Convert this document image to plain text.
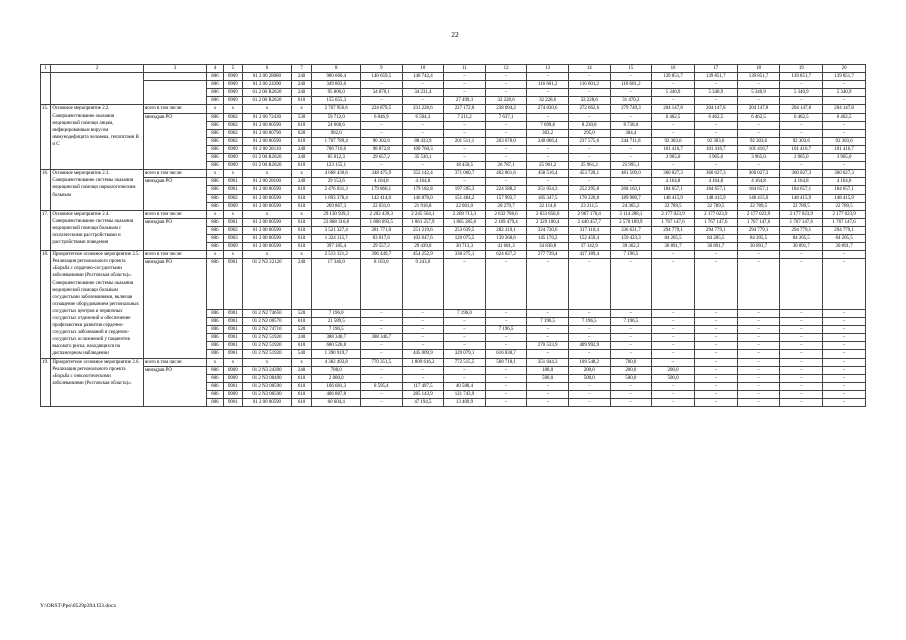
22
1	2	3	4	5	6	7	8	9	10	11	12	13	14	15	16	17	18	19	20
			806	0909	01 2 00 28080	240	980 660,4	140 659,5	140 742,4	–	–	–	–	–	139 851,7	139 851,7	139 851,7	139 851,7	139 851,7
			806	0909	01 2 00 24390	240	349 803,6	–	–	–	–	116 601,2	116 601,2	116 601,2	–	–	–	–	–
			806	0909	01 2 00 R2020	240	95 806,0	34 870,1	34 231,4	–	–	–	–	–	5 340,9	5 340,9	5 340,9	5 340,9	5 340,9
			806	0909	01 2 00 R2020	610	155 655,3	–	–	27 499,3	32 228,6	32 228,6	32 228,6	31 470,2	–	–	–	–	–
15.	Основное мероприятие 2.2. Совершенствование оказания медицинской помощи лицам, инфицированным вирусом иммунодефицита человека, гепатитами B и C	всего в том числе:	x	x	x	x	2 767 956,6	224 879,5	231 228,6	227 172,8	238 094,2	274 030,6	272 662,6	279 749,3	204 147,8	204 147,8	204 147,8	204 147,8	204 147,8
		минздрав РО	806	0902	01 2 00 72430	530	59 712,0	6 046,9	6 504,3	7 211,2	7 637,1	–	–	–	6 462,5	6 462,5	6 462,5	6 462,5	6 462,5
			806	0902	01 2 00 00590	610	24 668,6	–	–	–	–	7 699,8	8 230,8	8 738,0	–	–	–	–	–
			806	0902	01 2 00 00790	620	902,6	–	–	–	–	303,2	295,0	304,4	–	–	–	–	–
			806	0902	01 2 00 00590	610	1 767 789,4	90 302,6	88 433,9	201 511,1	203 670,0	240 066,4	237 575,6	244 711,8	92 303,6	92 303,6	92 303,6	92 303,6	92 303,6
			806	0909	01 2 00 28110	240	706 716,6	98 872,8	100 760,3	–	–	–	–	–	101 416,7	101 416,7	101 416,7	101 416,7	101 416,7
			806	0909	01 2 00 R2020	240	85 012,3	29 657,2	35 530,1	–	–	–	–	–	3 965,0	3 965,0	3 965,0	3 965,0	3 965,0
			806	0909	01 2 00 R2020	610	123 155,1	–	–	18 450,5	26 787,1	25 961,2	25 961,2	25 995,1	–	–	–	–	–
16.	Основное мероприятие 2.3. Совершенствование системы оказания медицинской помощи наркологическим больным	всего в том числе:	x	x	x	x	4 668 430,6	348 475,9	352 142,4	371 060,7	402 861,6	458 516,4	453 728,1	481 509,0	360 027,3	360 027,3	360 027,3	360 027,3	360 027,3
		минздрав РО	806	0901	01 2 00 28100	240	29 153,6	4 164,8	4 164,8	–	–	–	–	–	4 164,8	4 164,8	4 164,8	4 164,8	4 164,8
			806	0901	01 2 00 00590	610	2 476 031,3	179 866,1	179 182,8	197 595,3	224 588,2	251 054,3	252 295,8	268 163,1	184 657,1	184 657,1	184 657,1	184 657,1	184 657,1
			806	0902	01 2 00 00590	610	1 893 378,4	142 414,0	146 878,0	151 464,2	157 993,7	185 347,5	178 220,8	189 980,7	148 415,9	148 415,9	148 415,9	148 415,9	148 415,9
			806	0909	01 2 00 00590	610	269 867,3	22 031,0	21 916,8	22 001,0	20 279,7	22 114,6	23 211,5	24 365,2	22 789,5	22 789,5	22 789,5	22 789,5	22 789,5
17.	Основное мероприятие 2.4. Совершенствование системы оказания медицинской помощи больным с психическими расстройствами и расстройствами поведения	всего в том числе:	x	x	x	x	29 130 939,3	2 202 439,3	2 245 564,1	2 269 713,3	2 632 786,6	2 833 858,0	2 967 170,4	3 114 288,1	2 177 023,9	2 177 023,9	2 177 023,9	2 177 023,9	2 177 023,9
		минздрав РО	806	0901	01 2 00 00590	610	23 888 310,8	1 808 093,5	1 861 257,9	1 865 285,0	2 169 479,4	2 329 100,4	2 440 457,7	2 578 189,9	1 767 147,6	1 767 147,6	1 767 147,6	1 767 147,6	1 767 147,6
			806	0902	01 2 00 00590	610	3 521 327,4	281 771,0	251 219,6	253 639,5	282 319,1	324 730,6	317 110,4	336 621,7	294 779,1	294 779,1	294 779,1	294 779,1	294 779,1
			806	0903	01 2 00 00590	610	1 324 115,7	83 017,6	103 647,6	120 075,5	139 268,6	145 176,2	152 459,4	159 423,3	84 205,5	84 205,5	84 205,5	84 205,5	84 205,5
			806	0909	01 2 00 00590	610	397 185,4	29 557,2	29 439,0	30 713,3	41 681,3	34 830,8	37 142,9	39 362,2	30 891,7	30 891,7	30 891,7	30 891,7	30 891,7
18.	Приоритетное основное мероприятие 2.5. Реализация регионального проекта «Борьба с сердечно-сосудистыми заболеваниями (Ростовская область)». Совершенствование системы оказания медицинской помощи больным сосудистыми заболеваниями, включая оснащение оборудованием региональных сосудистых центров и первичных сосудистых отделений и обеспечение профилактики развития сердечно-сосудистых заболеваний и сердечно-сосудистых осложнений у пациентов высокого риска, находящихся на диспансерном наблюдении	всего в том числе:	x	x	x	x	2 513 121,2	396 449,7	454 252,9	336 275,1	624 027,2	277 739,4	417 189,4	7 196,5	–	–	–	–	–
		минздрав РО	806	0901	01 2 N2 22120	240	17 346,0	8 103,0	9 243,0	–	–	–	–	–	–	–	–	–	–
			806	0901	01 2 N2 74650	520	7 196,0	–	–	7 196,0	–	–	–	–	–	–	–	–	–
			806	0901	01 2 N2 00570	610	21 589,5	–	–	–	–	7 196,5	7 196,5	7 196,5	–	–	–	–	–
			806	0901	01 2 N2 74710	520	7 196,5	–	–	–	7 196,5	–	–	–	–	–	–	–	–
			806	0901	01 2 N2 51920	240	388 346,7	388 346,7	–	–	–	–	–	–	–	–	–	–	–
			806	0901	01 2 N2 51920	610	680 526,8	–	–	–	–	270 533,9	409 992,9	–	–	–	–	–	–
			806	0901	01 2 N2 51920	540	1 390 919,7	–	445 009,9	329 079,1	616 830,7	–	–	–	–	–	–	–	–
19.	Приоритетное основное мероприятие 2.6. Реализация регионального проекта «Борьба с онкологическими заболеваниями (Ростовская область)».	всего в том числе:	x	x	x	x	4 382 493,8	770 351,5	1 809 616,2	772 515,5	568 718,1	351 044,3	109 548,2	700,0	–	–	–	–	–
		минздрав РО	806	0909	01 2 N3 24390	240	708,0	–	–	–	–	108,0	200,0	200,0	200,0	–	–	–	–
			806	0909	01 2 N3 00490	610	2 000,0	–	–	–	–	500,0	500,0	500,0	500,0	–	–	–	–
			806	0901	01 2 N3 00590	610	166 681,3	8 595,4	117 497,5	40 588,4	–	–	–	–	–	–	–	–	–
			806	0909	01 2 N3 00590	610	406 887,8	–	285 143,9	121 743,9	–	–	–	–	–	–	–	–	–
			806	0901	01 2 00 00590	610	60 604,4	–	47 194,5	13 409,9	–	–	–	–	–	–	–	–	–
Y:\ORST\Ppo\0529p394.f23.docx
